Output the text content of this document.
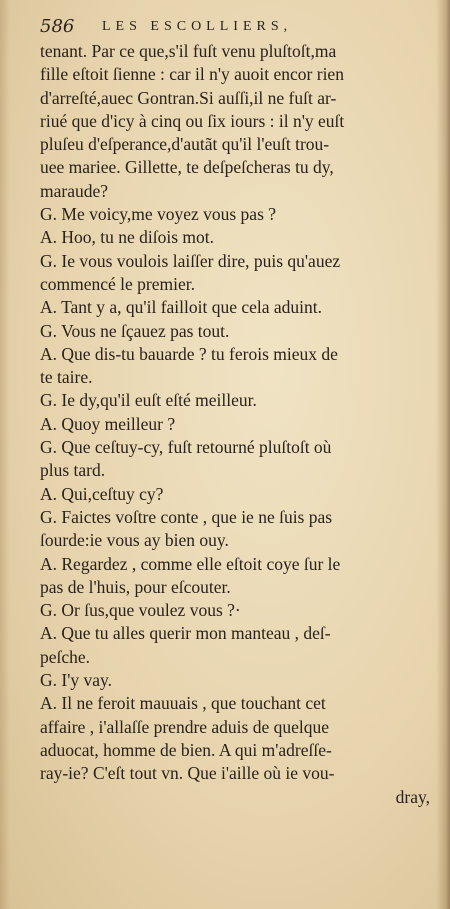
586 LES ESCOLLIERS,
tenant. Par ce que,s'il fuſt venu pluſtoſt,ma
fille eſtoit ſienne : car il n'y auoit encor rien
d'arreſté,auec Gontran.Si auſſi,il ne fuſt ar-
riué que d'icy à cinq ou ſix iours : il n'y euſt
pluſeu d'eſperance,d'autãt qu'il l'euſt trou-
uee mariee. Gillette, te deſpeſcheras tu dy,
maraude?
G. Me voicy,me voyez vous pas ?
A. Hoo, tu ne diſois mot.
G. Ie vous voulois laiſſer dire, puis qu'auez
commencé le premier.
A. Tant y a, qu'il failloit que cela aduint.
G. Vous ne ſçauez pas tout.
A. Que dis-tu bauarde ? tu ferois mieux de
te taire.
G. Ie dy,qu'il euſt eſté meilleur.
A. Quoy meilleur ?
G. Que ceſtuy-cy, fuſt retourné pluſtoſt où
plus tard.
A. Qui,ceſtuy cy?
G. Faictes voſtre conte , que ie ne ſuis pas
ſourde:ie vous ay bien ouy.
A. Regardez , comme elle eſtoit coye ſur le
pas de l'huis, pour eſcouter.
G. Or ſus,que voulez vous ?·
A. Que tu alles querir mon manteau , deſ-
peſche.
G. I'y vay.
A. Il ne feroit mauuais , que touchant cet
affaire , i'allaſſe prendre aduis de quelque
aduocat, homme de bien. A qui m'adreſſe-
ray-ie? C'eſt tout vn. Que i'aille où ie vou-
dray,
